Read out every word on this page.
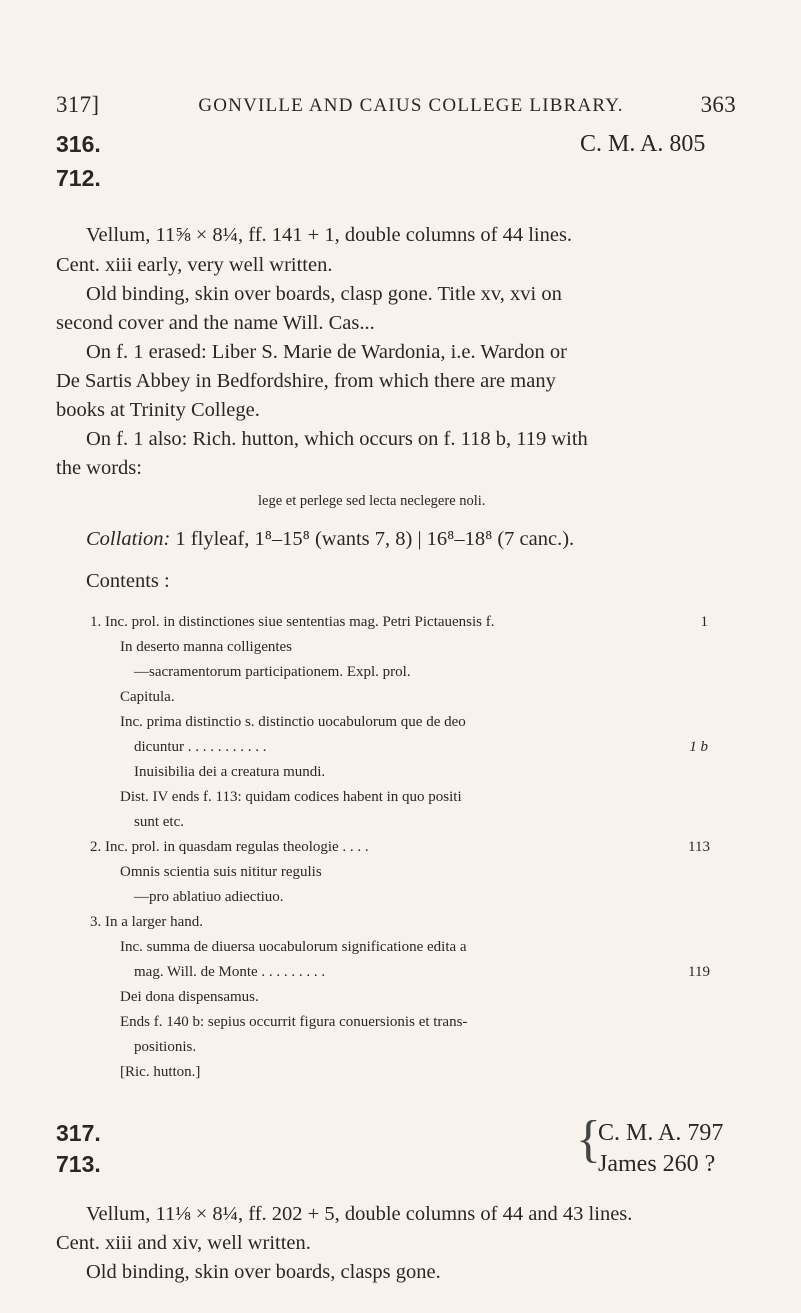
317]	GONVILLE AND CAIUS COLLEGE LIBRARY.	363
316.
712.
C. M. A. 805
Vellum, 11⅝ × 8¼, ff. 141 + 1, double columns of 44 lines.
Cent. xiii early, very well written.
Old binding, skin over boards, clasp gone. Title xv, xvi on
second cover and the name Will. Cas...
On f. 1 erased: Liber S. Marie de Wardonia, i.e. Wardon or
De Sartis Abbey in Bedfordshire, from which there are many
books at Trinity College.
On f. 1 also: Rich. hutton, which occurs on f. 118 b, 119 with
the words:
lege et perlege sed lecta neclegere noli.
Collation: 1 flyleaf, 1⁸–15⁸ (wants 7, 8) | 16⁸–18⁸ (7 canc.).
Contents :
1. Inc. prol. in distinctiones siue sententias mag. Petri Pictauensis f.	1
In deserto manna colligentes
—sacramentorum participationem. Expl. prol.
Capitula.
Inc. prima distinctio s. distinctio uocabulorum que de deo
dicuntur . . . . . . . . . . .	1 b
Inuisibilia dei a creatura mundi.
Dist. IV ends f. 113: quidam codices habent in quo positi
sunt etc.
2. Inc. prol. in quasdam regulas theologie . . . .	113
Omnis scientia suis nititur regulis
—pro ablatiuo adiectiuo.
3. In a larger hand.
Inc. summa de diuersa uocabulorum significatione edita a
mag. Will. de Monte . . . . . . . . .	119
Dei dona dispensamus.
Ends f. 140 b: sepius occurrit figura conuersionis et trans-
positionis.
[Ric. hutton.]
317.
713.	{
C. M. A. 797
James 260 ?
Vellum, 11⅛ × 8¼, ff. 202 + 5, double columns of 44 and 43 lines.
Cent. xiii and xiv, well written.
Old binding, skin over boards, clasps gone.
